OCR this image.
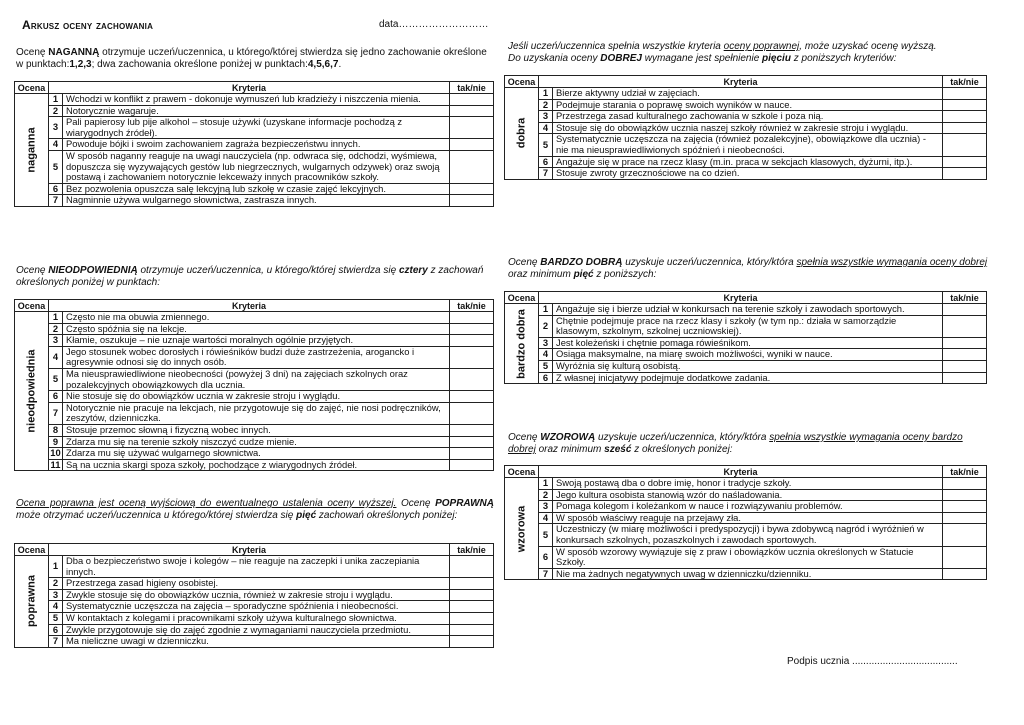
Arkusz oceny zachowania	data………………………
Ocenę NAGANNĄ otrzymuje uczeń/uczennica, u którego/której stwierdza się jedno zachowanie określone w punktach:1,2,3; dwa zachowania określone poniżej w punktach:4,5,6,7.
Ocena	Kryteria		tak/nie

naganna	1	Wchodzi w konflikt z prawem - dokonuje wymuszeń lub kradzieży i niszczenia mienia.	
	2	Notorycznie wagaruje.	
	3	Pali papierosy lub pije alkohol – stosuje używki (uzyskane informacje pochodzą z wiarygodnych źródeł).	
	4	Powoduje bójki i swoim zachowaniem zagraża bezpieczeństwu innych.	
	5	W sposób naganny reaguje na uwagi nauczyciela (np. odwraca się, odchodzi, wyśmiewa, dopuszcza się wyzywających gestów lub niegrzecznych, wulgarnych odzywek) oraz swoją postawą i zachowaniem notorycznie lekceważy innych pracowników szkoły.	
	6	Bez pozwolenia opuszcza salę lekcyjną lub szkołę w czasie zajęć lekcyjnych.	
	7	Nagminnie używa wulgarnego słownictwa, zastrasza innych.	
Ocenę NIEODPOWIEDNIĄ otrzymuje uczeń/uczennica, u którego/której stwierdza się cztery z zachowań określonych poniżej w punktach:
Ocena	Kryteria		tak/nie

nieodpowiednia	1	Często nie ma obuwia zmiennego.	
	2	Często spóźnia się na lekcje.	
	3	Kłamie, oszukuje – nie uznaje wartości moralnych ogólnie przyjętych.	
	4	Jego stosunek wobec dorosłych i rówieśników budzi duże zastrzeżenia, arogancko i agresywnie odnosi się do innych osób.	
	5	Ma nieusprawiedliwione nieobecności (powyżej 3 dni) na zajęciach szkolnych oraz pozalekcyjnych obowiązkowych dla ucznia.	
	6	Nie stosuje się do obowiązków ucznia w zakresie stroju i wyglądu.	
	7	Notorycznie nie pracuje na lekcjach, nie przygotowuje się do zajęć, nie nosi podręczników, zeszytów, dzienniczka.	
	8	Stosuje przemoc słowną i fizyczną wobec innych.	
	9	Zdarza mu się na terenie szkoły niszczyć cudze mienie.	
	10	Zdarza mu się używać wulgarnego słownictwa.	
	11	Są na ucznia skargi spoza szkoły, pochodzące z wiarygodnych źródeł.	
Ocena poprawna jest oceną wyjściową do ewentualnego ustalenia oceny wyższej. Ocenę POPRAWNĄ może otrzymać uczeń/uczennica u którego/której stwierdza się pięć zachowań określonych poniżej:
Ocena	Kryteria		tak/nie

poprawna	1	Dba o bezpieczeństwo swoje i kolegów – nie reaguje na zaczepki i unika zaczepiania innych.	
	2	Przestrzega zasad higieny osobistej.	
	3	Zwykle stosuje się do obowiązków ucznia, również w zakresie stroju i wyglądu.	
	4	Systematycznie uczęszcza na zajęcia – sporadyczne spóźnienia i nieobecności.	
	5	W kontaktach z kolegami i pracownikami szkoły używa kulturalnego słownictwa.	
	6	Zwykle przygotowuje się do zajęć zgodnie z wymaganiami nauczyciela przedmiotu.	
	7	Ma nieliczne uwagi w dzienniczku.	
Jeśli uczeń/uczennica spełnia wszystkie kryteria oceny poprawnej, może uzyskać ocenę wyższą.
Do uzyskania oceny DOBREJ wymagane jest spełnienie pięciu z poniższych kryteriów:
Ocena	Kryteria		tak/nie

dobra	1	Bierze aktywny udział w zajęciach.	
	2	Podejmuje starania o poprawę swoich wyników w nauce.	
	3	Przestrzega zasad kulturalnego zachowania w szkole i poza nią.	
	4	Stosuje się do obowiązków ucznia naszej szkoły również w zakresie stroju i wyglądu.	
	5	Systematycznie uczęszcza na zajęcia (również pozalekcyjne), obowiązkowe dla ucznia) - nie ma nieusprawiedliwionych spóźnień i nieobecności.	
	6	Angażuje się w prace na rzecz klasy (m.in. praca w sekcjach klasowych, dyżurni, itp.).	
	7	Stosuje zwroty grzecznościowe na co dzień.	
Ocenę BARDZO DOBRĄ uzyskuje uczeń/uczennica, który/która spełnia wszystkie wymagania oceny dobrej oraz minimum pięć z poniższych:
Ocena	Kryteria		tak/nie

bardzo dobra	1	Angażuje się i bierze udział w konkursach na terenie szkoły i zawodach sportowych.	
	2	Chętnie podejmuje prace na rzecz klasy i szkoły (w tym np.: działa w samorządzie klasowym, szkolnym, szkolnej uczniowskiej).	
	3	Jest koleżeński i chętnie pomaga rówieśnikom.	
	4	Osiąga maksymalne, na miarę swoich możliwości, wyniki w nauce.	
	5	Wyróżnia się kulturą osobistą.	
	6	Z własnej inicjatywy podejmuje dodatkowe zadania.	
Ocenę WZOROWĄ uzyskuje uczeń/uczennica, który/która spełnia wszystkie wymagania oceny bardzo dobrej oraz minimum sześć z określonych poniżej:
Ocena	Kryteria		tak/nie

wzorowa	1	Swoją postawą dba o dobre imię, honor i tradycje szkoły.	
	2	Jego kultura osobista stanowią wzór do naśladowania.	
	3	Pomaga kolegom i koleżankom w nauce i rozwiązywaniu problemów.	
	4	W sposób właściwy reaguje na przejawy zła.	
	5	Uczestniczy (w miarę możliwości i predyspozycji) i bywa zdobywcą nagród i wyróżnień w konkursach szkolnych, pozaszkolnych i zawodach sportowych.	
	6	W sposób wzorowy wywiązuje się z praw i obowiązków ucznia określonych w Statucie Szkoły.	
	7	Nie ma żadnych negatywnych uwag w dzienniczku/dzienniku.	
Podpis ucznia ......................................
